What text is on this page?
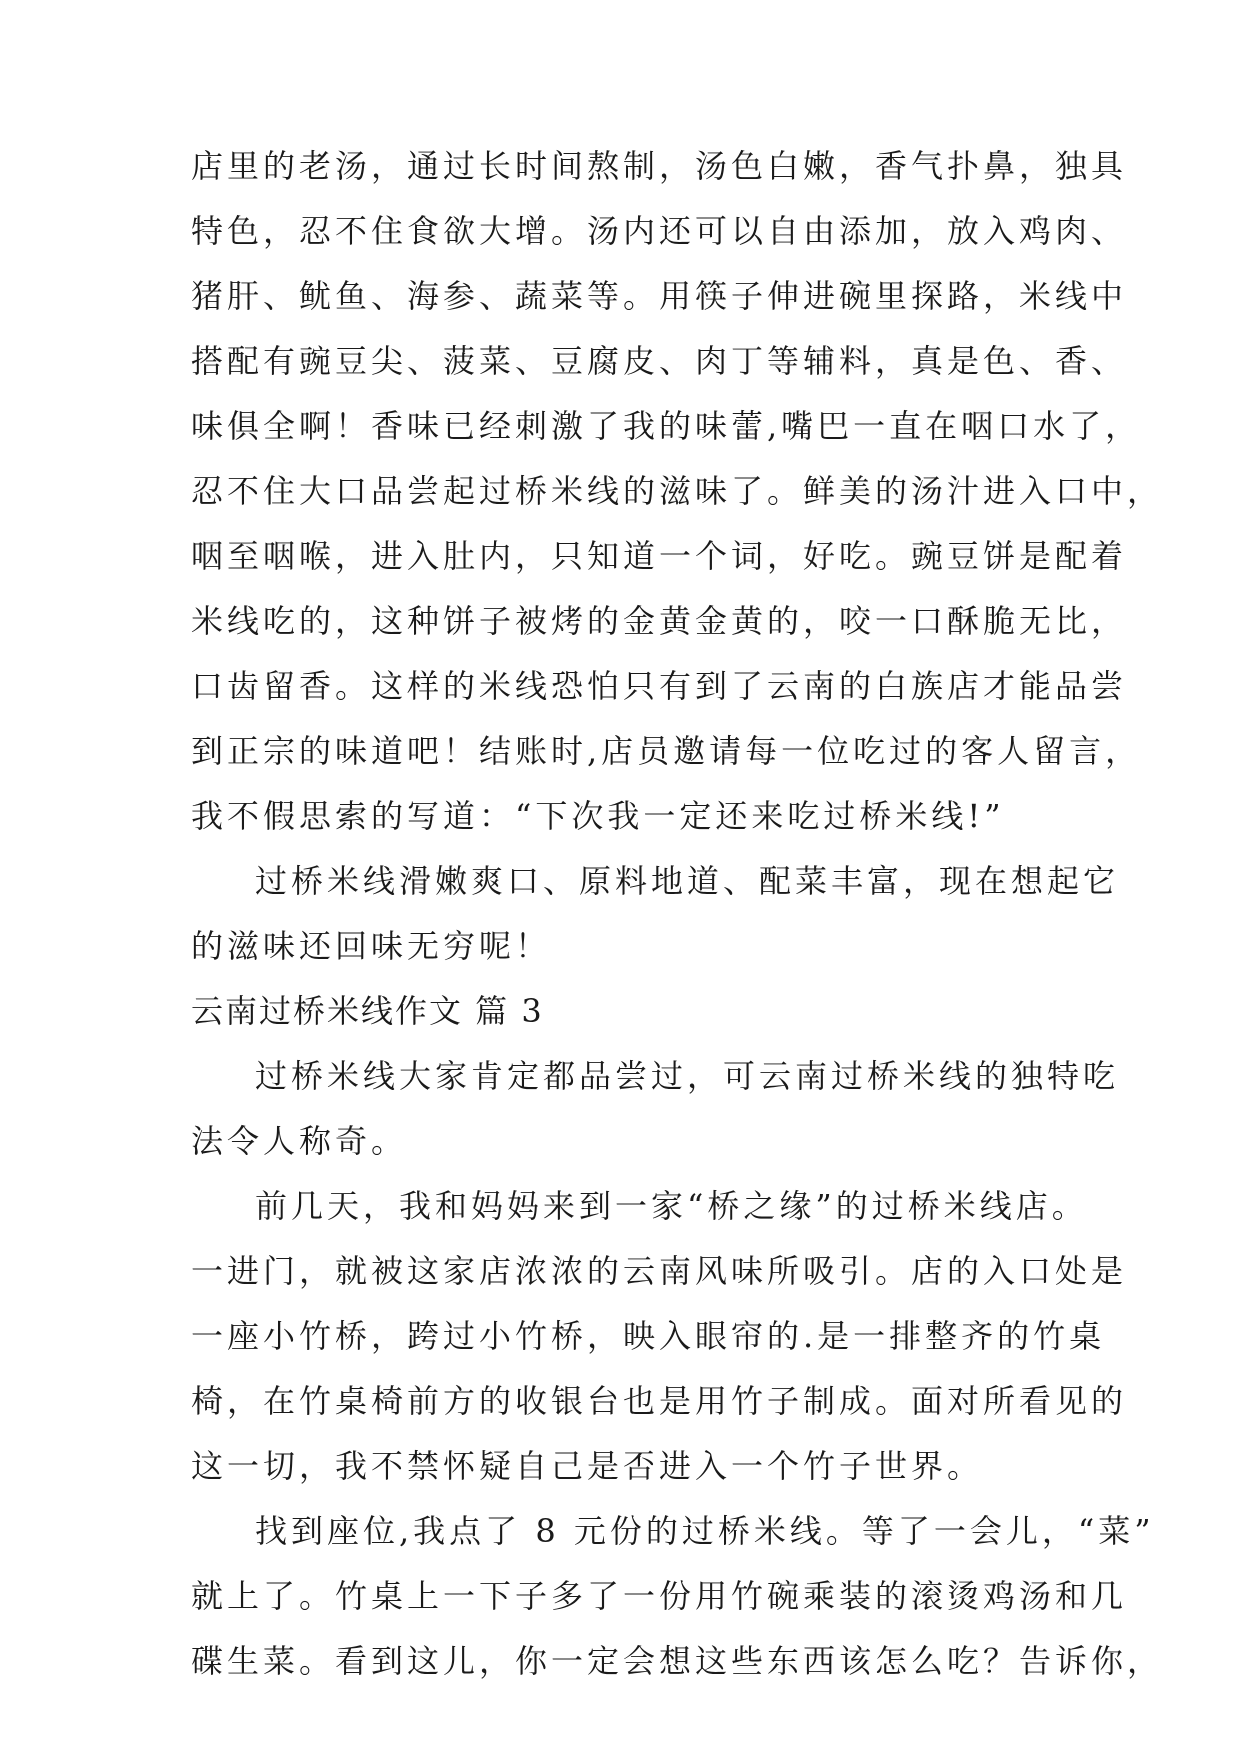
店里的老汤，通过长时间熬制，汤色白嫩，香气扑鼻，独具
特色，忍不住食欲大增。汤内还可以自由添加，放入鸡肉、
猪肝、鱿鱼、海参、蔬菜等。用筷子伸进碗里探路，米线中
搭配有豌豆尖、菠菜、豆腐皮、肉丁等辅料，真是色、香、
味俱全啊！香味已经刺激了我的味蕾,嘴巴一直在咽口水了，
忍不住大口品尝起过桥米线的滋味了。鲜美的汤汁进入口中，
咽至咽喉，进入肚内，只知道一个词，好吃。豌豆饼是配着
米线吃的，这种饼子被烤的金黄金黄的，咬一口酥脆无比，
口齿留香。这样的米线恐怕只有到了云南的白族店才能品尝
到正宗的味道吧！结账时,店员邀请每一位吃过的客人留言，
我不假思索的写道：“下次我一定还来吃过桥米线!”
过桥米线滑嫩爽口、原料地道、配菜丰富，现在想起它
的滋味还回味无穷呢！
云南过桥米线作文 篇 3
过桥米线大家肯定都品尝过，可云南过桥米线的独特吃
法令人称奇。
前几天，我和妈妈来到一家“桥之缘”的过桥米线店。
一进门，就被这家店浓浓的云南风味所吸引。店的入口处是
一座小竹桥，跨过小竹桥，映入眼帘的.是一排整齐的竹桌
椅，在竹桌椅前方的收银台也是用竹子制成。面对所看见的
这一切，我不禁怀疑自己是否进入一个竹子世界。
找到座位,我点了 8 元份的过桥米线。等了一会儿，“菜”
就上了。竹桌上一下子多了一份用竹碗乘装的滚烫鸡汤和几
碟生菜。看到这儿，你一定会想这些东西该怎么吃？告诉你，
